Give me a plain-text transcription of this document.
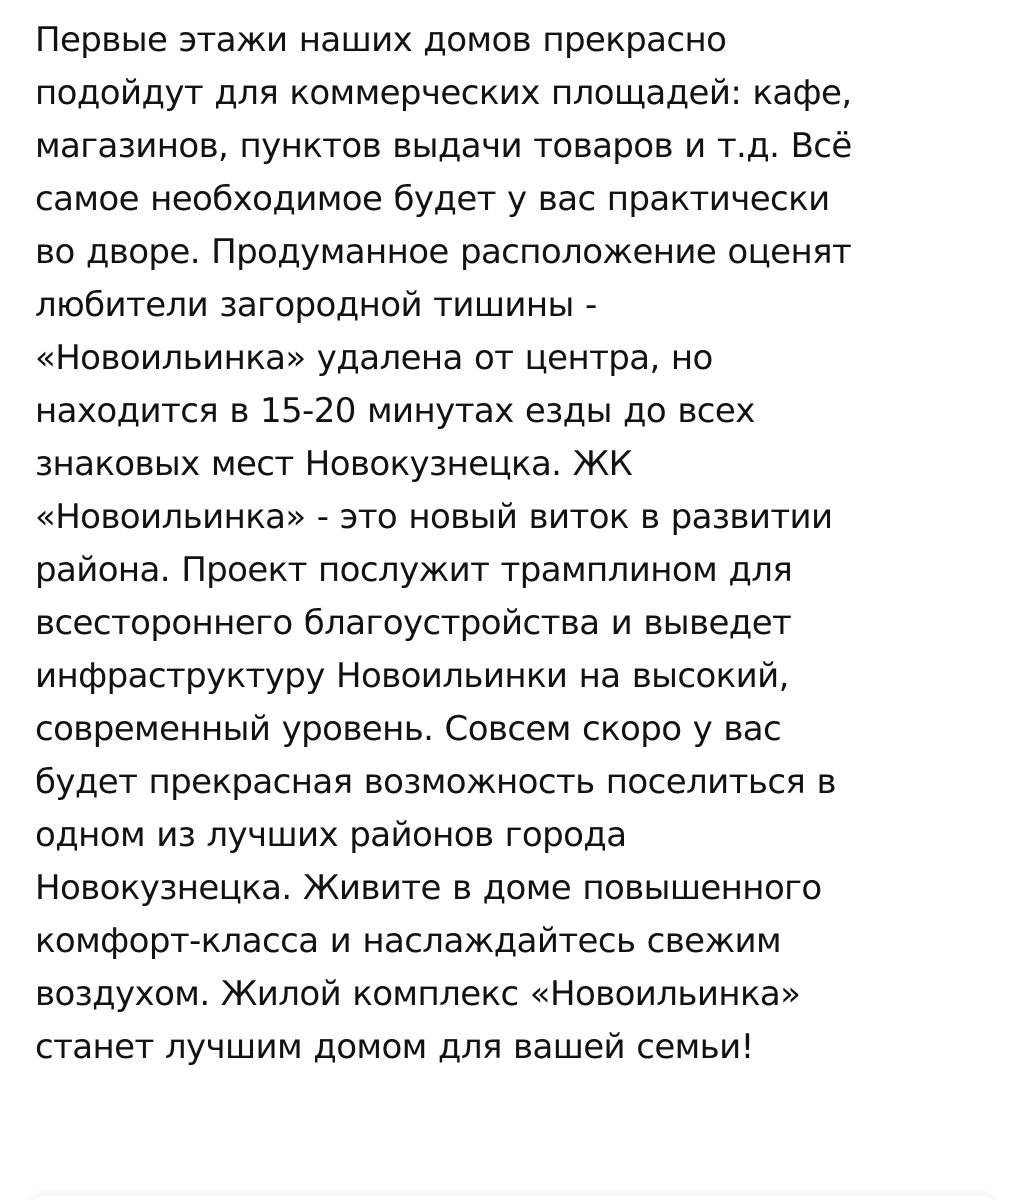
Первые этажи наших домов прекрасно
подойдут для коммерческих площадей: кафе,
магазинов, пунктов выдачи товаров и т.д. Всё
самое необходимое будет у вас практически
во дворе. Продуманное расположение оценят
любители загородной тишины -
«Новоильинка» удалена от центра, но
находится в 15-20 минутах езды до всех
знаковых мест Новокузнецка. ЖК
«Новоильинка» - это новый виток в развитии
района. Проект послужит трамплином для
всестороннего благоустройства и выведет
инфраструктуру Новоильинки на высокий,
современный уровень. Совсем скоро у вас
будет прекрасная возможность поселиться в
одном из лучших районов города
Новокузнецка. Живите в доме повышенного
комфорт-класса и наслаждайтесь свежим
воздухом. Жилой комплекс «Новоильинка»
станет лучшим домом для вашей семьи!
